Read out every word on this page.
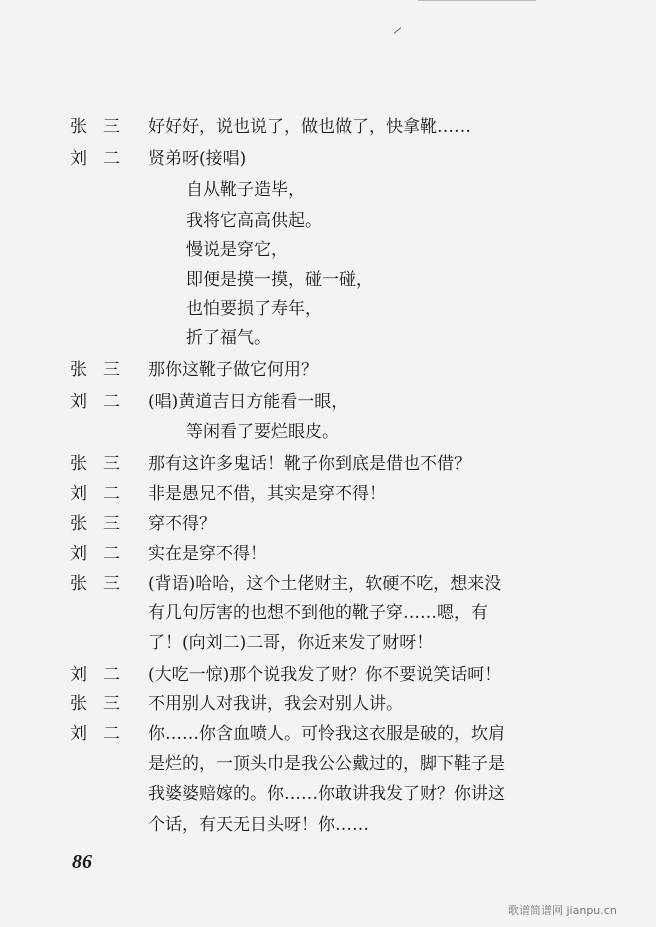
张三 好好好，说也说了，做也做了，快拿靴……
刘二 贤弟呀(接唱)
自从靴子造毕，
我将它高高供起。
慢说是穿它，
即便是摸一摸，碰一碰，
也怕要损了寿年，
折了福气。
张三 那你这靴子做它何用？
刘二 (唱)黄道吉日方能看一眼，
等闲看了要烂眼皮。
张三 那有这许多鬼话！靴子你到底是借也不借？
刘二 非是愚兄不借，其实是穿不得！
张三 穿不得？
刘二 实在是穿不得！
张三 (背语)哈哈，这个土佬财主，软硬不吃，想来没
有几句厉害的也想不到他的靴子穿……嗯，有
了！(向刘二)二哥，你近来发了财呀！
刘二 (大吃一惊)那个说我发了财？你不要说笑话呵！
张三 不用别人对我讲，我会对别人讲。
刘二 你……你含血喷人。可怜我这衣服是破的，坎肩
是烂的，一顶头巾是我公公戴过的，脚下鞋子是
我婆婆赔嫁的。你……你敢讲我发了财？你讲这
个话，有天无日头呀！你……
86
歌谱简谱网 jianpu.cn
